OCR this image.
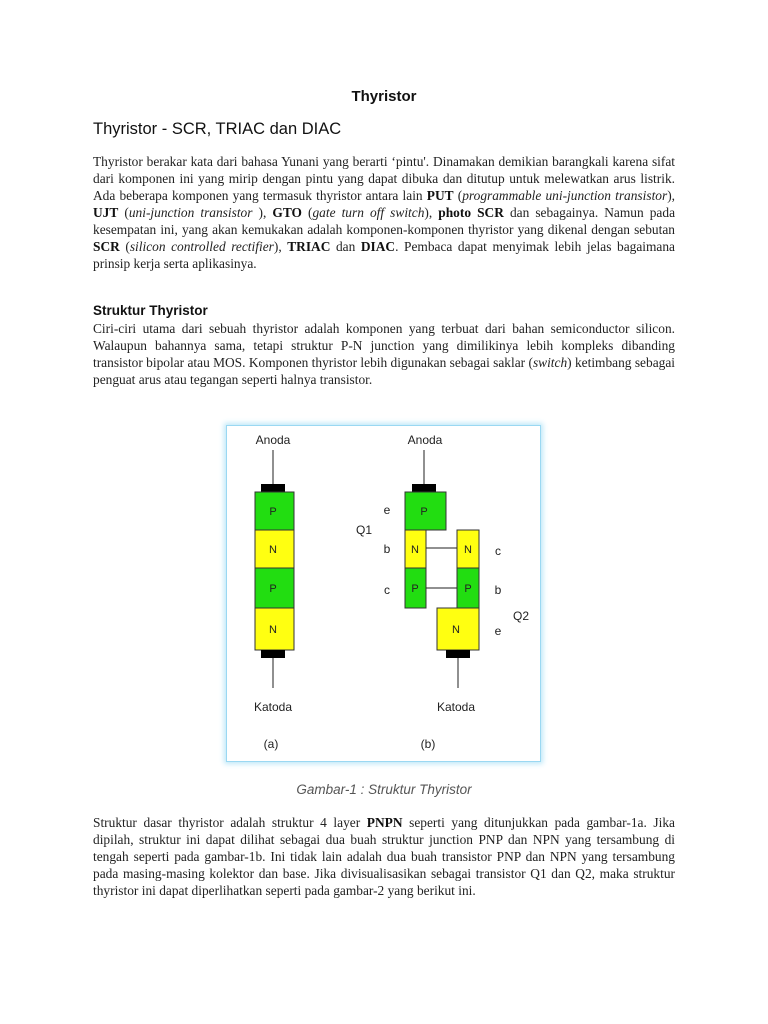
Thyristor
Thyristor - SCR, TRIAC dan DIAC
Thyristor berakar kata dari bahasa Yunani yang berarti ‘pintu'. Dinamakan demikian barangkali karena sifat dari komponen ini yang mirip dengan pintu yang dapat dibuka dan ditutup untuk melewatkan arus listrik. Ada beberapa komponen yang termasuk thyristor antara lain PUT (programmable uni-junction transistor), UJT (uni-junction transistor ), GTO (gate turn off switch), photo SCR dan sebagainya. Namun pada kesempatan ini, yang akan kemukakan adalah komponen-komponen thyristor yang dikenal dengan sebutan SCR (silicon controlled rectifier), TRIAC dan DIAC. Pembaca dapat menyimak lebih jelas bagaimana prinsip kerja serta aplikasinya.
Struktur Thyristor
Ciri-ciri utama dari sebuah thyristor adalah komponen yang terbuat dari bahan semiconductor silicon. Walaupun bahannya sama, tetapi struktur P-N junction yang dimilikinya lebih kompleks dibanding transistor bipolar atau MOS. Komponen thyristor lebih digunakan sebagai saklar (switch) ketimbang sebagai penguat arus atau tegangan seperti halnya transistor.
Anoda
P
N
P
N
Katoda
(a)
Anoda
P
N
P
N
P
N
e
b
c
Q1
c
b
e
Q2
Katoda
(b)
Gambar-1 : Struktur Thyristor
Struktur dasar thyristor adalah struktur 4 layer PNPN seperti yang ditunjukkan pada gambar-1a. Jika dipilah, struktur ini dapat dilihat sebagai dua buah struktur junction PNP dan NPN yang tersambung di tengah seperti pada gambar-1b. Ini tidak lain adalah dua buah transistor PNP dan NPN yang tersambung pada masing-masing kolektor dan base. Jika divisualisasikan sebagai transistor Q1 dan Q2, maka struktur thyristor ini dapat diperlihatkan seperti pada gambar-2 yang berikut ini.
